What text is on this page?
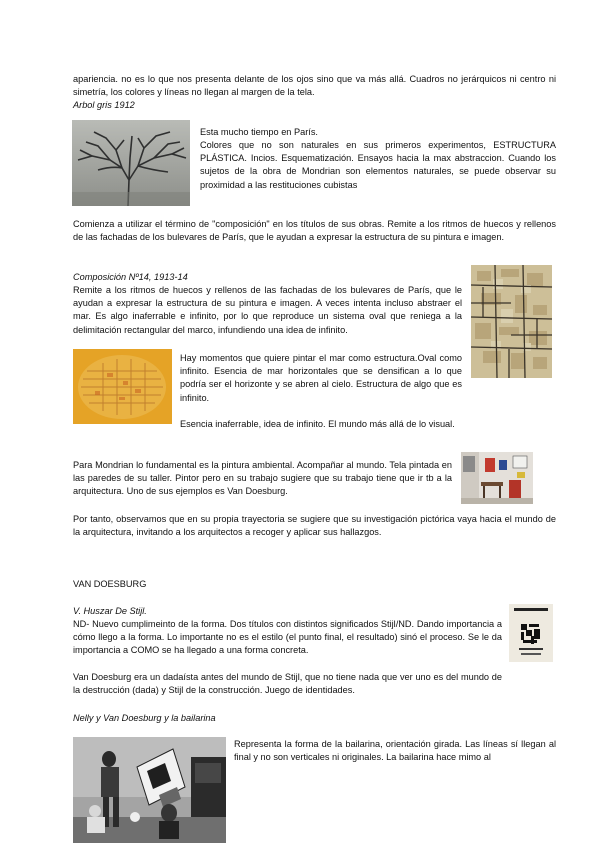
apariencia. no es lo que nos presenta delante de los ojos sino que va más allá. Cuadros no jerárquicos ni centro ni simetría, los colores y líneas no llegan al margen de la tela.

Arbol gris 1912

Esta mucho tiempo en París.

Colores que no son naturales en sus primeros experimentos, ESTRUCTURA PLÁSTICA. Incios. Esquematización. Ensayos hacia la max abstraccion. Cuando los sujetos de la obra de Mondrian son elementos naturales, se puede observar su proximidad a las restituciones cubistas

Comienza a utilizar el término de "composición" en los títulos de sus obras. Remite a los ritmos de huecos y rellenos de las fachadas de los bulevares de París, que le ayudan a expresar la estructura de su pintura e imagen.

Composición Nº14, 1913-14

Remite a los ritmos de huecos y rellenos de las fachadas de los bulevares de París, que le ayudan a expresar la estructura de su pintura e imagen. A veces intenta incluso abstraer el mar. Es algo inaferrable e infinito, por lo que reproduce un sistema oval que reniega a la delimitación rectangular del marco, infundiendo una idea de infinito.

Hay momentos que quiere pintar el mar como estructura.Oval como infinito. Esencia de mar horizontales que se densifican a lo que podría ser el horizonte y se abren al cielo. Estructura de algo que es infinito.

Esencia inaferrable, idea de infinito. El mundo más allá de lo visual.

Para Mondrian lo fundamental es la pintura ambiental. Acompañar al mundo. Tela pintada en las paredes de su taller. Pintor pero en su trabajo sugiere que su trabajo tiene que ir tb a la arquitectura. Uno de sus ejemplos es Van Doesburg.

Por tanto, observamos que en su propia trayectoria se sugiere que su investigación pictórica vaya hacia el mundo de la arquitectura, invitando a los arquitectos a recoger y aplicar sus hallazgos.

VAN DOESBURG

V. Huszar De Stijl.

ND- Nuevo cumplimeinto de la forma. Dos títulos con distintos significados Stijl/ND. Dando importancia a cómo llego a la forma. Lo importante no es el estilo (el punto final, el resultado) sinó el proceso. Se le da importancia a COMO se ha llegado a una forma concreta.

Van Doesburg era un dadaísta antes del mundo de Stijl, que no tiene nada que ver uno es del mundo de la destrucción (dada) y Stijl de la construcción. Juego de identidades.

Nelly y Van Doesburg y la bailarina

Representa la forma de la bailarina, orientación girada. Las líneas sí llegan al final y no son verticales ni originales. La bailarina hace mimo al
